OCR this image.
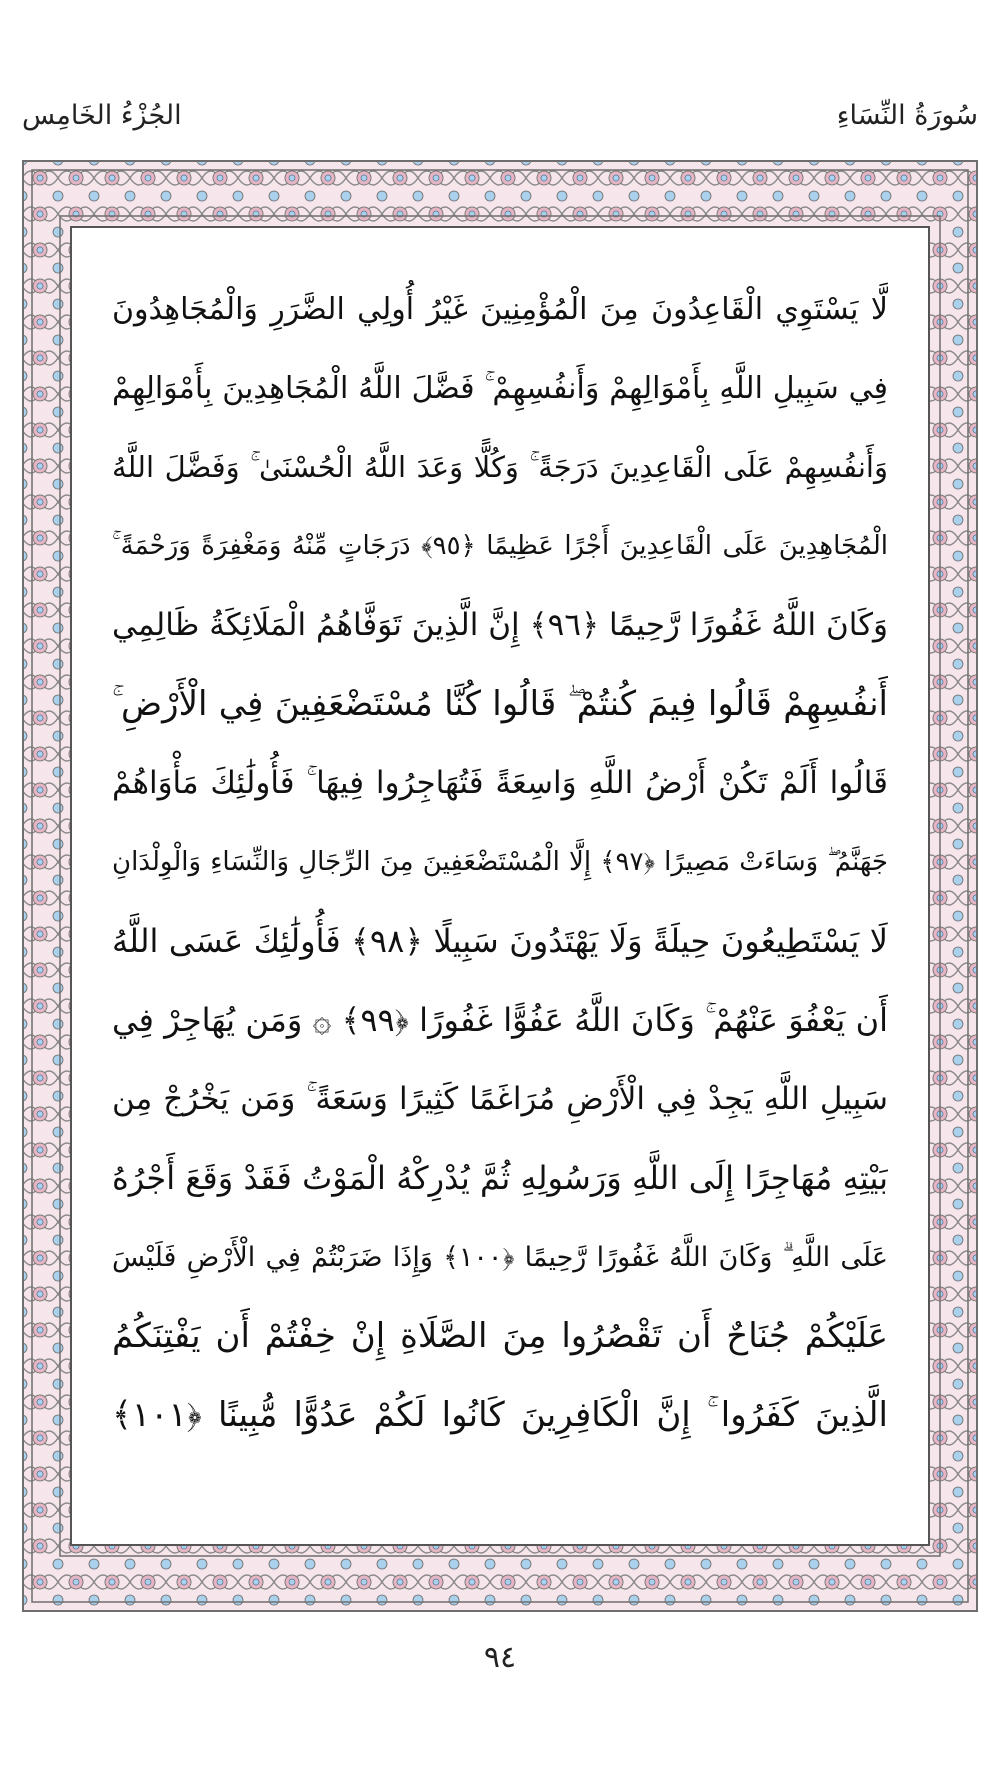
الجُزْءُ الخَامِس	سُورَةُ النِّسَاءِ
لَّا يَسْتَوِي الْقَاعِدُونَ مِنَ الْمُؤْمِنِينَ غَيْرُ أُولِي الضَّرَرِ وَالْمُجَاهِدُونَ
فِي سَبِيلِ اللَّهِ بِأَمْوَالِهِمْ وَأَنفُسِهِمْ ۚ فَضَّلَ اللَّهُ الْمُجَاهِدِينَ بِأَمْوَالِهِمْ
وَأَنفُسِهِمْ عَلَى الْقَاعِدِينَ دَرَجَةً ۚ وَكُلًّا وَعَدَ اللَّهُ الْحُسْنَىٰ ۚ وَفَضَّلَ اللَّهُ
الْمُجَاهِدِينَ عَلَى الْقَاعِدِينَ أَجْرًا عَظِيمًا ﴿٩٥﴾ دَرَجَاتٍ مِّنْهُ وَمَغْفِرَةً وَرَحْمَةً ۚ
وَكَانَ اللَّهُ غَفُورًا رَّحِيمًا ﴿٩٦﴾ إِنَّ الَّذِينَ تَوَفَّاهُمُ الْمَلَائِكَةُ ظَالِمِي
أَنفُسِهِمْ قَالُوا فِيمَ كُنتُمْ ۖ قَالُوا كُنَّا مُسْتَضْعَفِينَ فِي الْأَرْضِ ۚ
قَالُوا أَلَمْ تَكُنْ أَرْضُ اللَّهِ وَاسِعَةً فَتُهَاجِرُوا فِيهَا ۚ فَأُولَٰئِكَ مَأْوَاهُمْ
جَهَنَّمُ ۖ وَسَاءَتْ مَصِيرًا ﴿٩٧﴾ إِلَّا الْمُسْتَضْعَفِينَ مِنَ الرِّجَالِ وَالنِّسَاءِ وَالْوِلْدَانِ
لَا يَسْتَطِيعُونَ حِيلَةً وَلَا يَهْتَدُونَ سَبِيلًا ﴿٩٨﴾ فَأُولَٰئِكَ عَسَى اللَّهُ
أَن يَعْفُوَ عَنْهُمْ ۚ وَكَانَ اللَّهُ عَفُوًّا غَفُورًا ﴿٩٩﴾ ۞ وَمَن يُهَاجِرْ فِي
سَبِيلِ اللَّهِ يَجِدْ فِي الْأَرْضِ مُرَاغَمًا كَثِيرًا وَسَعَةً ۚ وَمَن يَخْرُجْ مِن
بَيْتِهِ مُهَاجِرًا إِلَى اللَّهِ وَرَسُولِهِ ثُمَّ يُدْرِكْهُ الْمَوْتُ فَقَدْ وَقَعَ أَجْرُهُ
عَلَى اللَّهِ ۗ وَكَانَ اللَّهُ غَفُورًا رَّحِيمًا ﴿١٠٠﴾ وَإِذَا ضَرَبْتُمْ فِي الْأَرْضِ فَلَيْسَ
عَلَيْكُمْ جُنَاحٌ أَن تَقْصُرُوا مِنَ الصَّلَاةِ إِنْ خِفْتُمْ أَن يَفْتِنَكُمُ
الَّذِينَ كَفَرُوا ۚ إِنَّ الْكَافِرِينَ كَانُوا لَكُمْ عَدُوًّا مُّبِينًا ﴿١٠١﴾
٩٤
